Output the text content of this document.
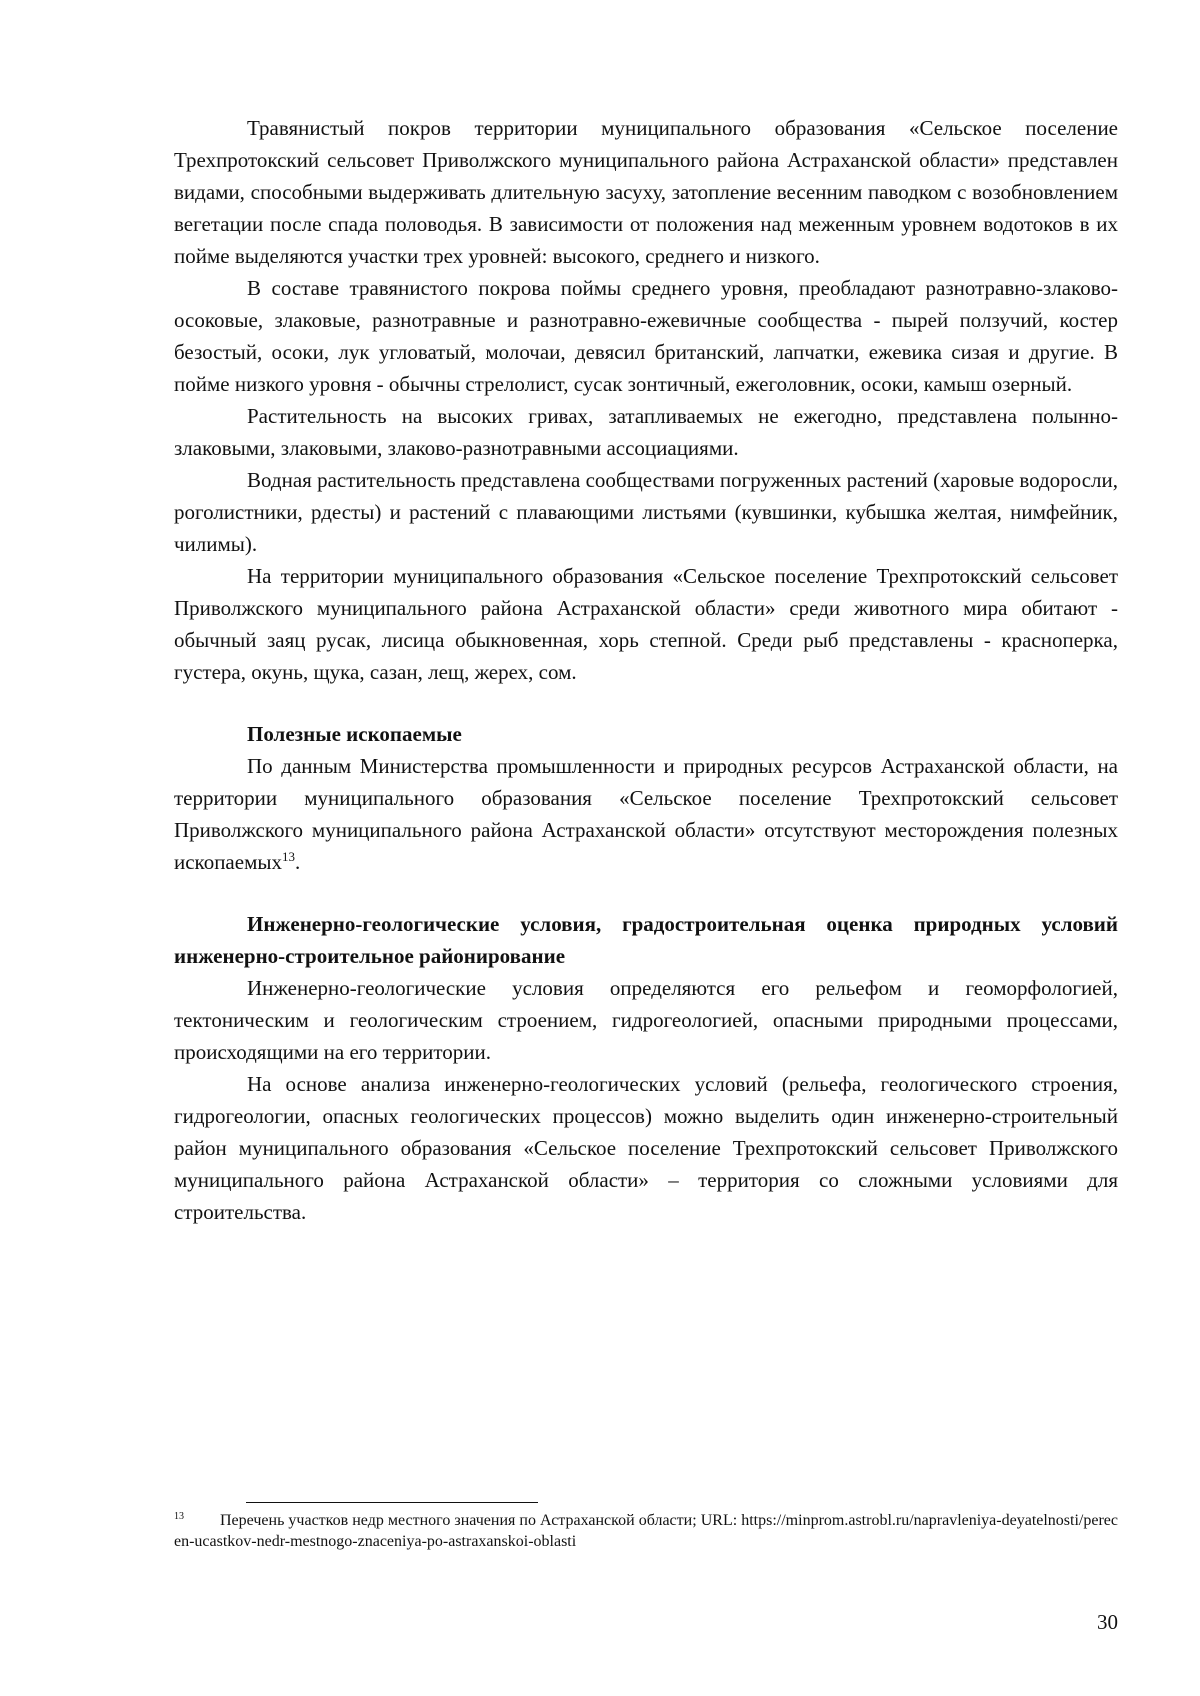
Травянистый покров территории муниципального образования «Сельское поселение Трехпротокский сельсовет Приволжского муниципального района Астраханской области» представлен видами, способными выдерживать длительную засуху, затопление весенним паводком с возобновлением вегетации после спада половодья. В зависимости от положения над меженным уровнем водотоков в их пойме выделяются участки трех уровней: высокого, среднего и низкого.

В составе травянистого покрова поймы среднего уровня, преобладают разнотравно-злаково-осоковые, злаковые, разнотравные и разнотравно-ежевичные сообщества - пырей ползучий, костер безостый, осоки, лук угловатый, молочаи, девясил британский, лапчатки, ежевика сизая и другие. В пойме низкого уровня - обычны стрелолист, сусак зонтичный, ежеголовник, осоки, камыш озерный.

Растительность на высоких гривах, затапливаемых не ежегодно, представлена полынно-злаковыми, злаковыми, злаково-разнотравными ассоциациями.

Водная растительность представлена сообществами погруженных растений (харовые водоросли, роголистники, рдесты) и растений с плавающими листьями (кувшинки, кубышка желтая, нимфейник, чилимы).

На территории муниципального образования «Сельское поселение Трехпротокский сельсовет Приволжского муниципального района Астраханской области» среди животного мира обитают - обычный заяц русак, лисица обыкновенная, хорь степной. Среди рыб представлены - красноперка, густера, окунь, щука, сазан, лещ, жерех, сом.

Полезные ископаемые

По данным Министерства промышленности и природных ресурсов Астраханской области, на территории муниципального образования «Сельское поселение Трехпротокский сельсовет Приволжского муниципального района Астраханской области» отсутствуют месторождения полезных ископаемых$^{13}$.

Инженерно-геологические условия, градостроительная оценка природных условий инженерно-строительное районирование

Инженерно-геологические условия определяются его рельефом и геоморфологией, тектоническим и геологическим строением, гидрогеологией, опасными природными процессами, происходящими на его территории.

На основе анализа инженерно-геологических условий (рельефа, геологического строения, гидрогеологии, опасных геологических процессов) можно выделить один инженерно-строительный район муниципального образования «Сельское поселение Трехпротокский сельсовет Приволжского муниципального района Астраханской области» – территория со сложными условиями для строительства.

$^{13}$ Перечень участков недр местного значения по Астраханской области; URL: https://minprom.astrobl.ru/napravleniya-deyatelnosti/perecen-ucastkov-nedr-mestnogo-znaceniya-po-astraxanskoi-oblasti
30
